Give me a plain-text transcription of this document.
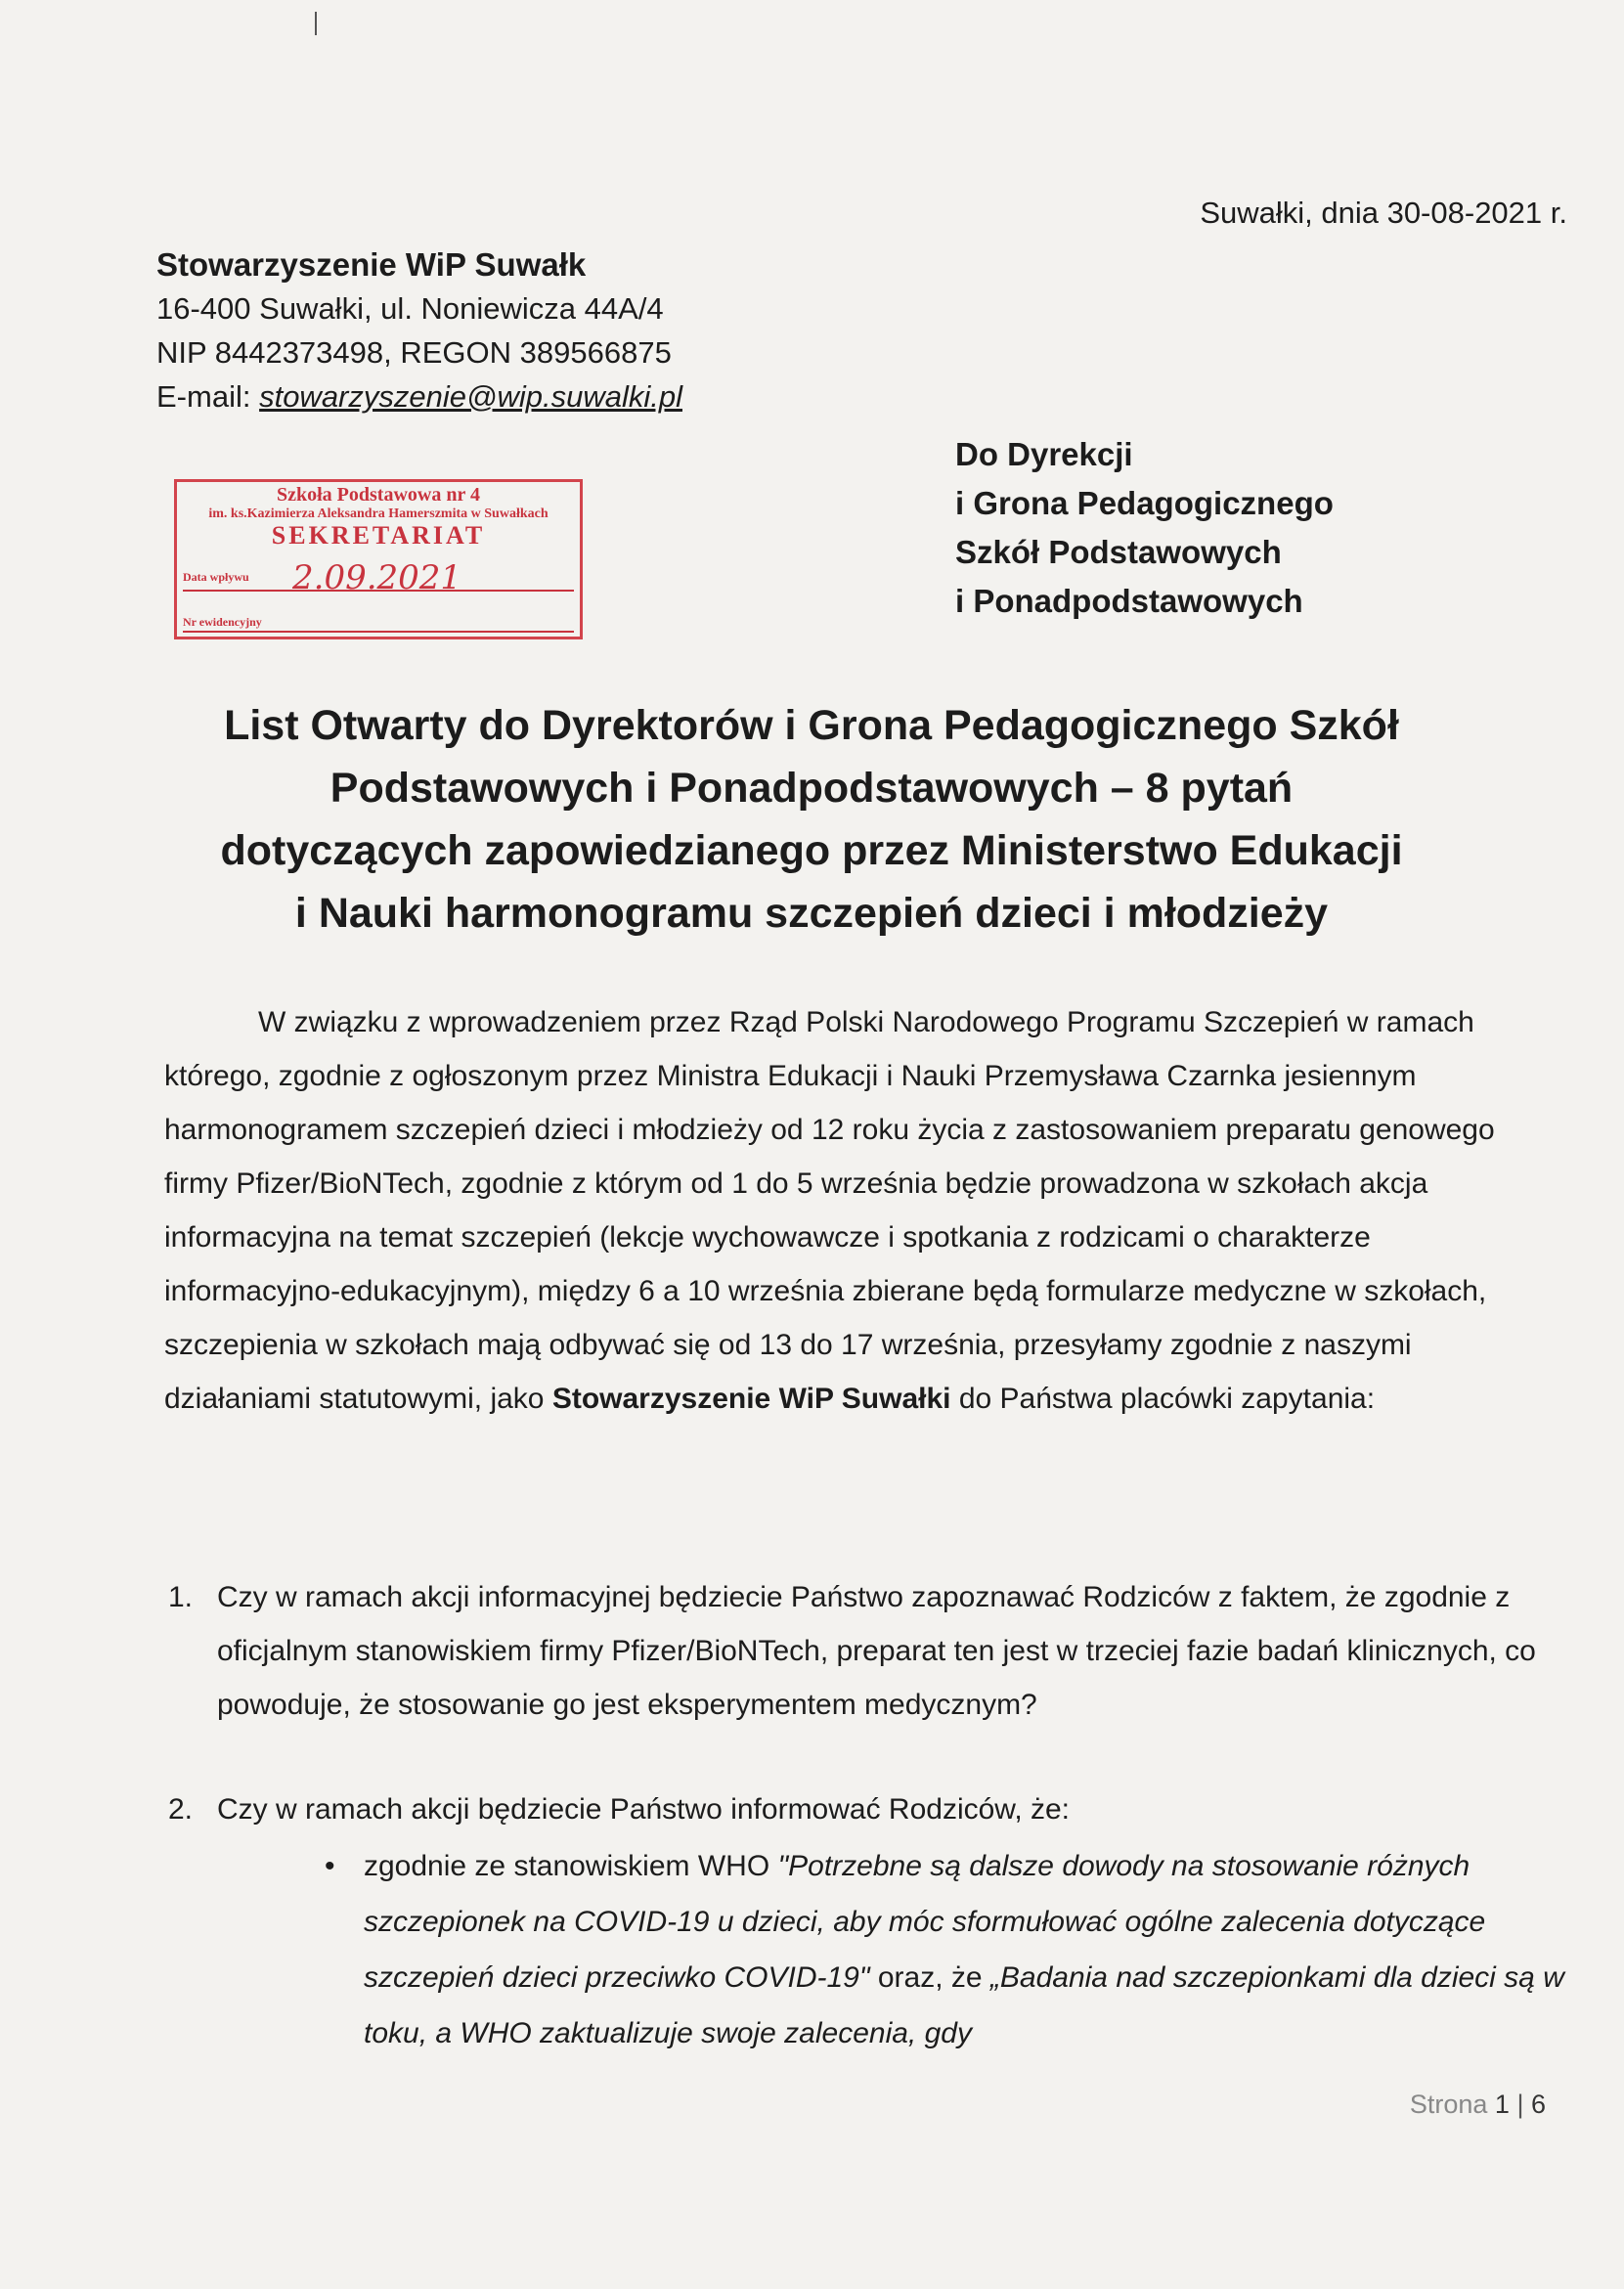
Suwałki, dnia 30-08-2021 r.
Stowarzyszenie WiP Suwałk
16-400 Suwałki, ul. Noniewicza 44A/4
NIP 8442373498, REGON 389566875
E-mail: stowarzyszenie@wip.suwalki.pl
Do Dyrekcji
i Grona Pedagogicznego
Szkół Podstawowych
i Ponadpodstawowych
Szkoła Podstawowa nr 4
im. ks.Kazimierza Aleksandra Hamerszmita w Suwałkach
SEKRETARIAT
Data wpływu	2.09.2021
Nr ewidencyjny
List Otwarty do Dyrektorów i Grona Pedagogicznego Szkół
Podstawowych i Ponadpodstawowych – 8 pytań
dotyczących zapowiedzianego przez Ministerstwo Edukacji
i Nauki harmonogramu szczepień dzieci i młodzieży

W związku z wprowadzeniem przez Rząd Polski Narodowego Programu Szczepień w ramach którego, zgodnie z ogłoszonym przez Ministra Edukacji i Nauki Przemysława Czarnka jesiennym harmonogramem szczepień dzieci i młodzieży od 12 roku życia z zastosowaniem preparatu genowego firmy Pfizer/BioNTech, zgodnie z którym od 1 do 5 września będzie prowadzona w szkołach akcja informacyjna na temat szczepień (lekcje wychowawcze i spotkania z rodzicami o charakterze informacyjno-edukacyjnym), między 6 a 10 września zbierane będą formularze medyczne w szkołach, szczepienia w szkołach mają odbywać się od 13 do 17 września, przesyłamy zgodnie z naszymi działaniami statutowymi, jako Stowarzyszenie WiP Suwałki do Państwa placówki zapytania:

1. Czy w ramach akcji informacyjnej będziecie Państwo zapoznawać Rodziców z faktem, że zgodnie z oficjalnym stanowiskiem firmy Pfizer/BioNTech, preparat ten jest w trzeciej fazie badań klinicznych, co powoduje, że stosowanie go jest eksperymentem medycznym?
2. Czy w ramach akcji będziecie Państwo informować Rodziców, że:
• zgodnie ze stanowiskiem WHO "Potrzebne są dalsze dowody na stosowanie różnych szczepionek na COVID-19 u dzieci, aby móc sformułować ogólne zalecenia dotyczące szczepień dzieci przeciwko COVID-19" oraz, że „Badania nad szczepionkami dla dzieci są w toku, a WHO zaktualizuje swoje zalecenia, gdy
Strona 1 | 6
